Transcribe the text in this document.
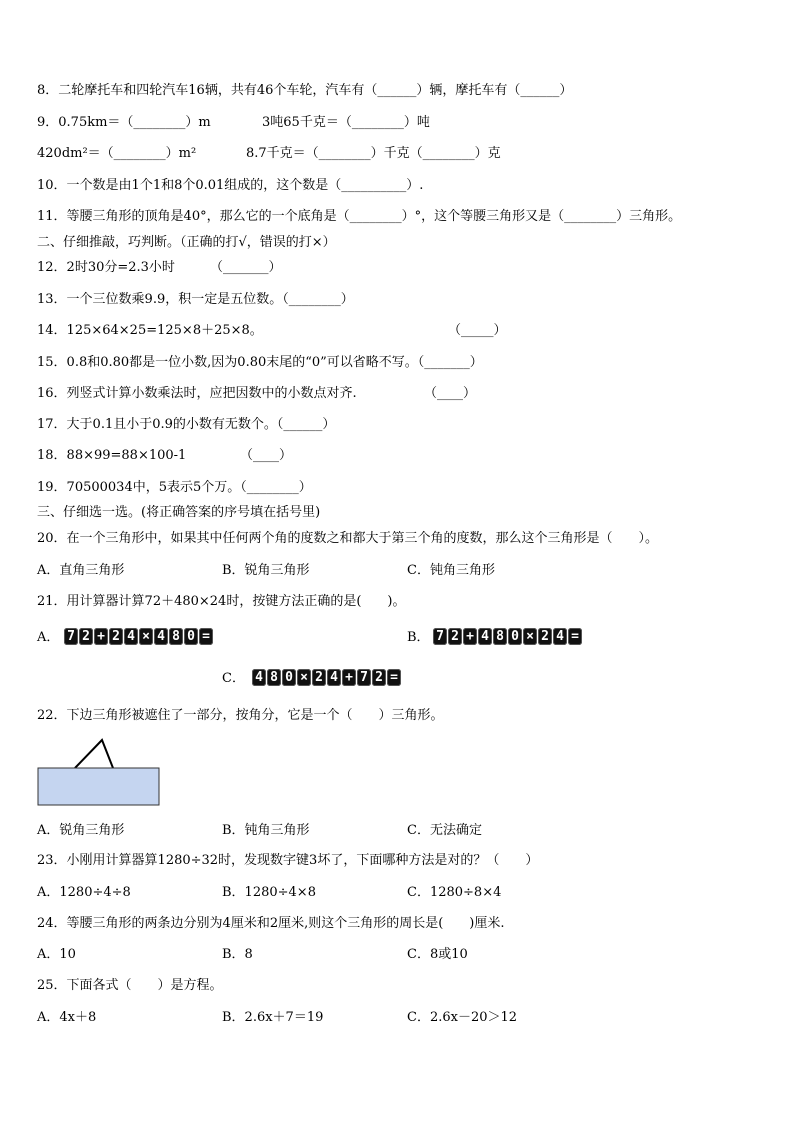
8．二轮摩托车和四轮汽车16辆，共有46个车轮，汽车有（______）辆，摩托车有（______）
9．0.75km＝（________）m	3吨65千克＝（________）吨
420dm²＝（________）m²	8.7千克＝（________）千克（________）克
10．一个数是由1个1和8个0.01组成的，这个数是（__________）.
11．等腰三角形的顶角是40°，那么它的一个底角是（________）°，这个等腰三角形又是（________）三角形。
二、仔细推敲，巧判断。（正确的打√，错误的打×）
12．2时30分=2.3小时	（_______）
13．一个三位数乘9.9，积一定是五位数。（________）
14．125×64×25=125×8＋25×8。	（_____）
15．0.8和0.80都是一位小数,因为0.80末尾的“0”可以省略不写。（_______）
16．列竖式计算小数乘法时，应把因数中的小数点对齐.	（____）
17．大于0.1且小于0.9的小数有无数个。（______）
18．88×99=88×100-1	（____）
19．70500034中，5表示5个万。（________）
三、仔细选一选。(将正确答案的序号填在括号里)
20．在一个三角形中，如果其中任何两个角的度数之和都大于第三个角的度数，那么这个三角形是（　　）。
A．直角三角形	B．锐角三角形	C．钝角三角形
21．用计算器计算72＋480×24时，按键方法正确的是(　　)。
A． 7 2 + 2 4 × 4 8 0 =	B． 7 2 + 4 8 0 × 2 4 =
C． 4 8 0 × 2 4 + 7 2 =
22．下边三角形被遮住了一部分，按角分，它是一个（　　）三角形。
A．锐角三角形	B．钝角三角形	C．无法确定
23．小刚用计算器算1280÷32时，发现数字键3坏了，下面哪种方法是对的？（　　）
A．1280÷4÷8	B．1280÷4×8	C．1280÷8×4
24．等腰三角形的两条边分别为4厘米和2厘米,则这个三角形的周长是(　　)厘米.
A．10	B．8	C．8或10
25．下面各式（　　）是方程。
A．4x＋8	B．2.6x＋7＝19	C．2.6x－20＞12
